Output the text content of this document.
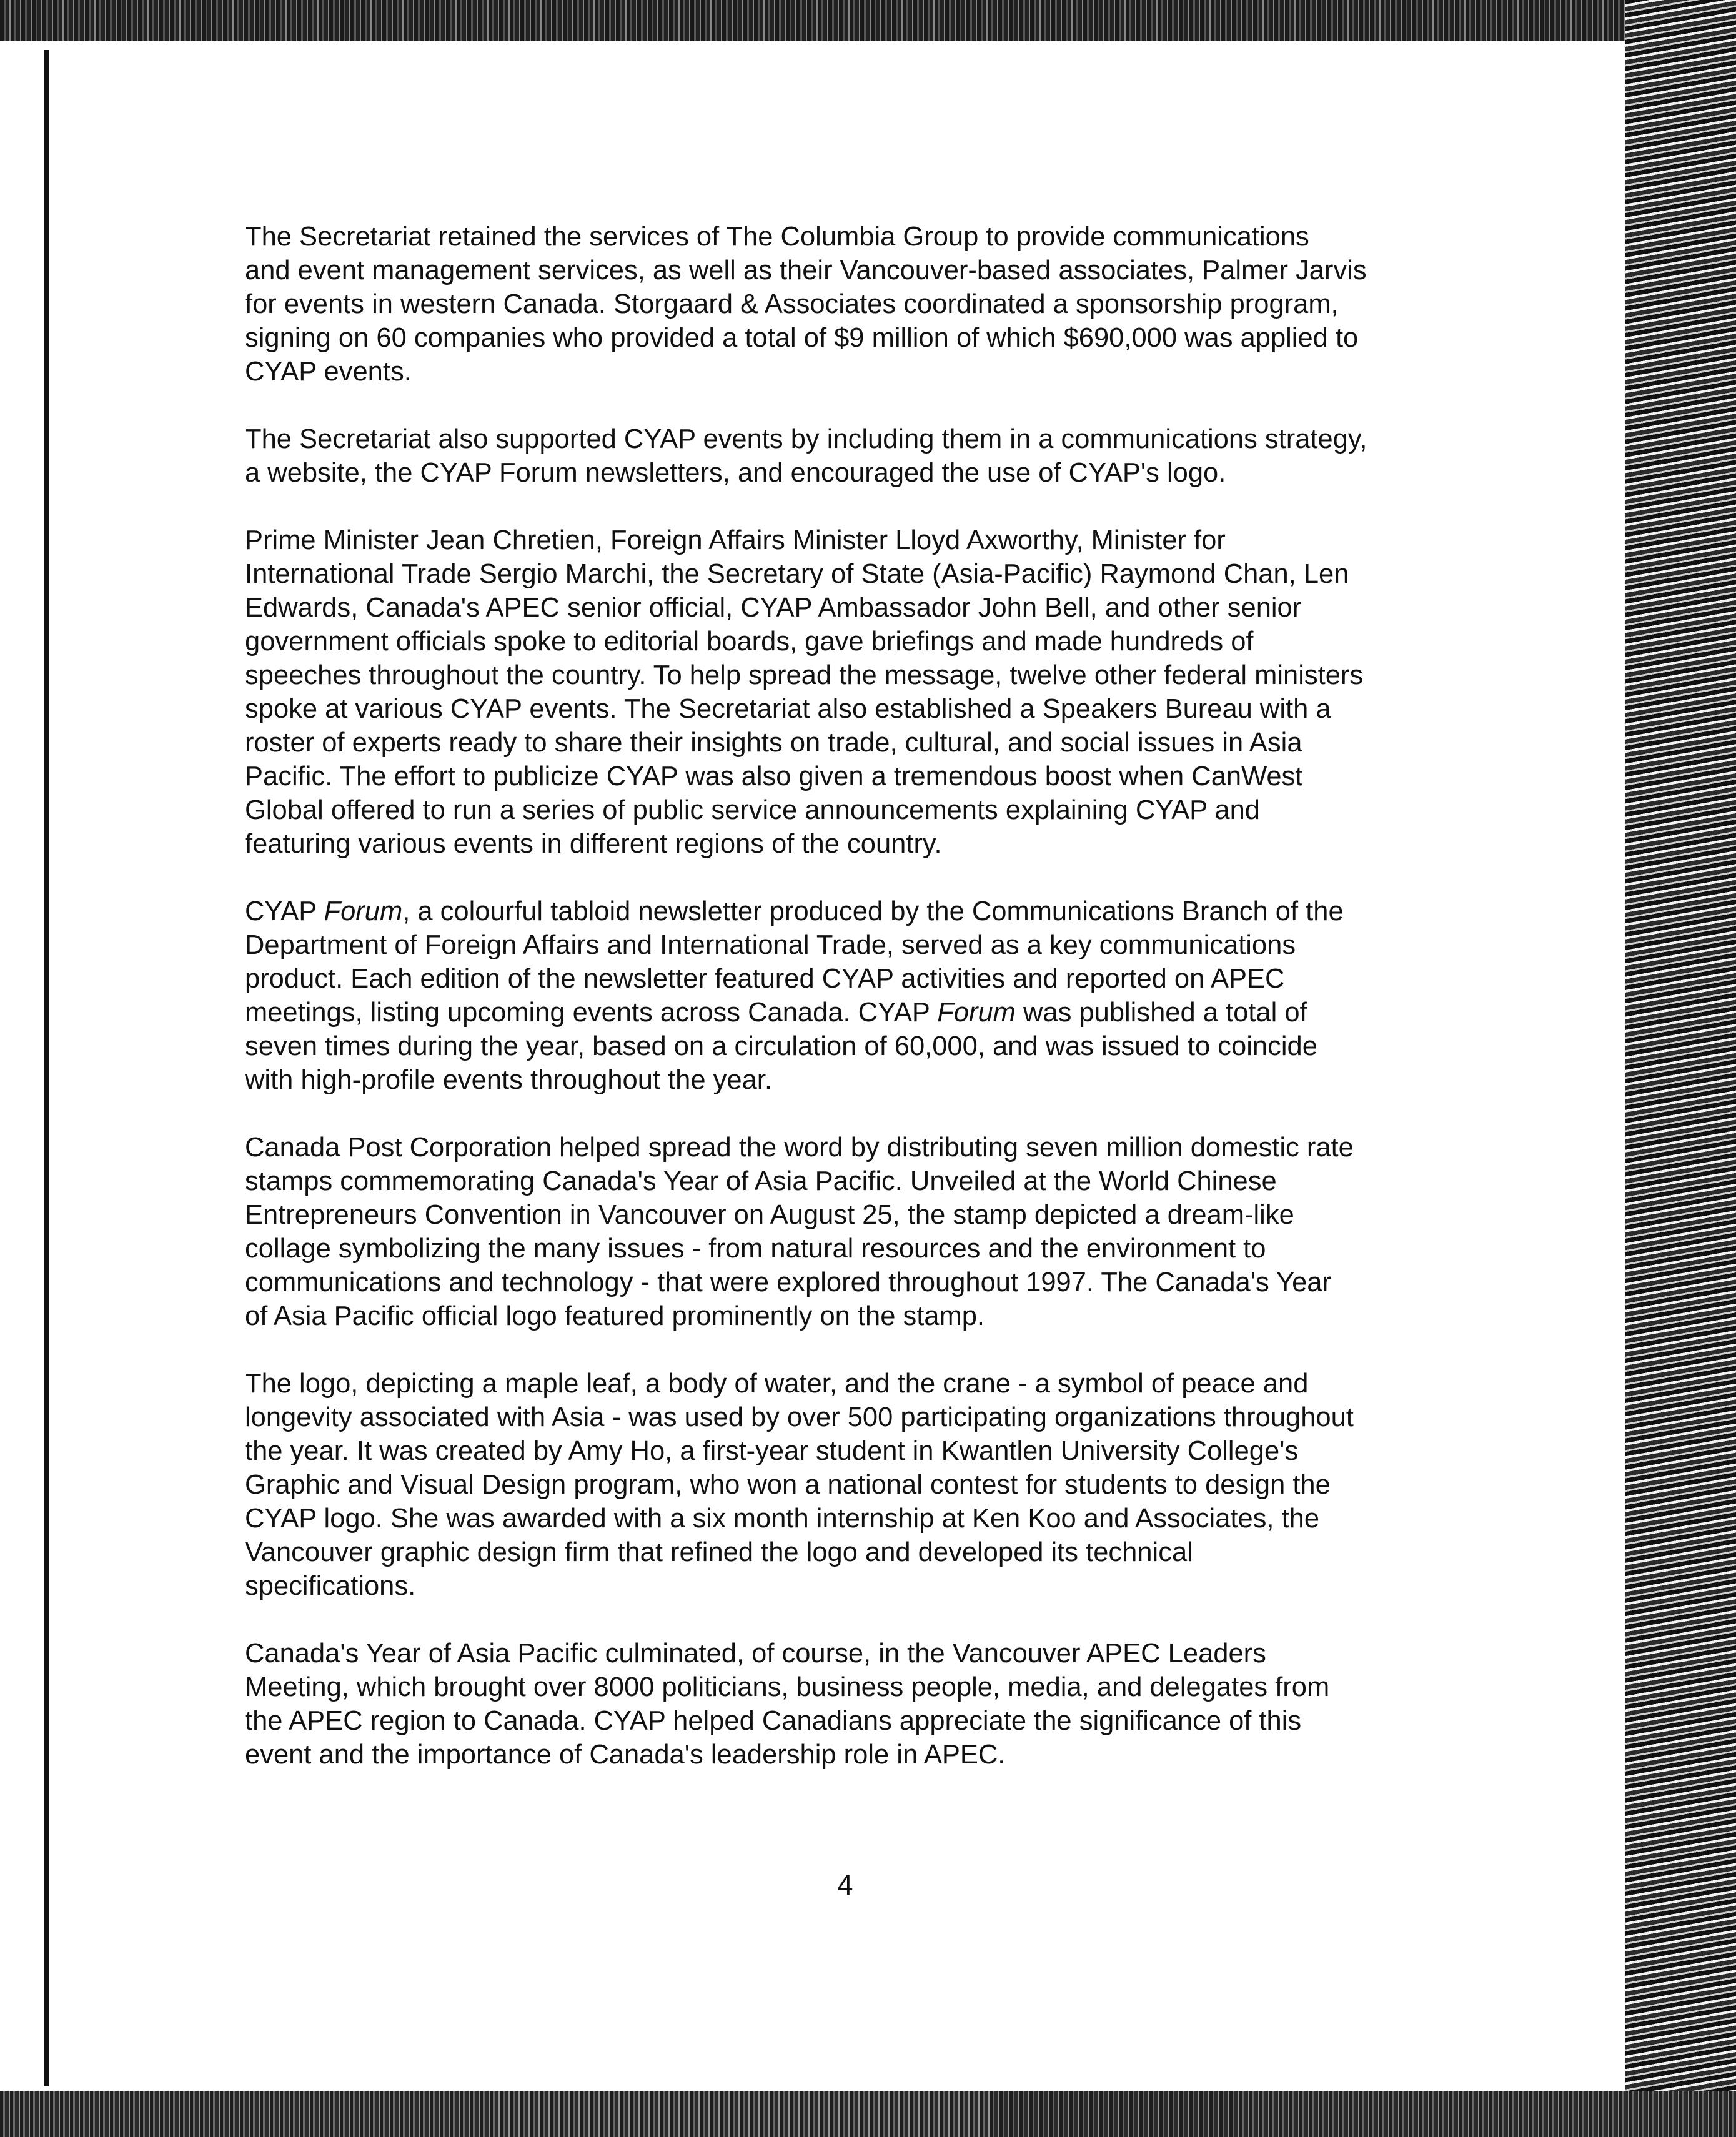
The Secretariat retained the services of The Columbia Group to provide communications
and event management services, as well as their Vancouver-based associates, Palmer Jarvis
for events in western Canada. Storgaard & Associates coordinated a sponsorship program,
signing on 60 companies who provided a total of $9 million of which $690,000 was applied to
CYAP events.

The Secretariat also supported CYAP events by including them in a communications strategy,
a website, the CYAP Forum newsletters, and encouraged the use of CYAP's logo.

Prime Minister Jean Chretien, Foreign Affairs Minister Lloyd Axworthy, Minister for
International Trade Sergio Marchi, the Secretary of State (Asia-Pacific) Raymond Chan, Len
Edwards, Canada's APEC senior official, CYAP Ambassador John Bell, and other senior
government officials spoke to editorial boards, gave briefings and made hundreds of
speeches throughout the country. To help spread the message, twelve other federal ministers
spoke at various CYAP events. The Secretariat also established a Speakers Bureau with a
roster of experts ready to share their insights on trade, cultural, and social issues in Asia
Pacific. The effort to publicize CYAP was also given a tremendous boost when CanWest
Global offered to run a series of public service announcements explaining CYAP and
featuring various events in different regions of the country.

CYAP Forum, a colourful tabloid newsletter produced by the Communications Branch of the
Department of Foreign Affairs and International Trade, served as a key communications
product. Each edition of the newsletter featured CYAP activities and reported on APEC
meetings, listing upcoming events across Canada. CYAP Forum was published a total of
seven times during the year, based on a circulation of 60,000, and was issued to coincide
with high-profile events throughout the year.

Canada Post Corporation helped spread the word by distributing seven million domestic rate
stamps commemorating Canada's Year of Asia Pacific. Unveiled at the World Chinese
Entrepreneurs Convention in Vancouver on August 25, the stamp depicted a dream-like
collage symbolizing the many issues - from natural resources and the environment to
communications and technology - that were explored throughout 1997. The Canada's Year
of Asia Pacific official logo featured prominently on the stamp.

The logo, depicting a maple leaf, a body of water, and the crane - a symbol of peace and
longevity associated with Asia - was used by over 500 participating organizations throughout
the year. It was created by Amy Ho, a first-year student in Kwantlen University College's
Graphic and Visual Design program, who won a national contest for students to design the
CYAP logo. She was awarded with a six month internship at Ken Koo and Associates, the
Vancouver graphic design firm that refined the logo and developed its technical
specifications.

Canada's Year of Asia Pacific culminated, of course, in the Vancouver APEC Leaders
Meeting, which brought over 8000 politicians, business people, media, and delegates from
the APEC region to Canada. CYAP helped Canadians appreciate the significance of this
event and the importance of Canada's leadership role in APEC.

4
